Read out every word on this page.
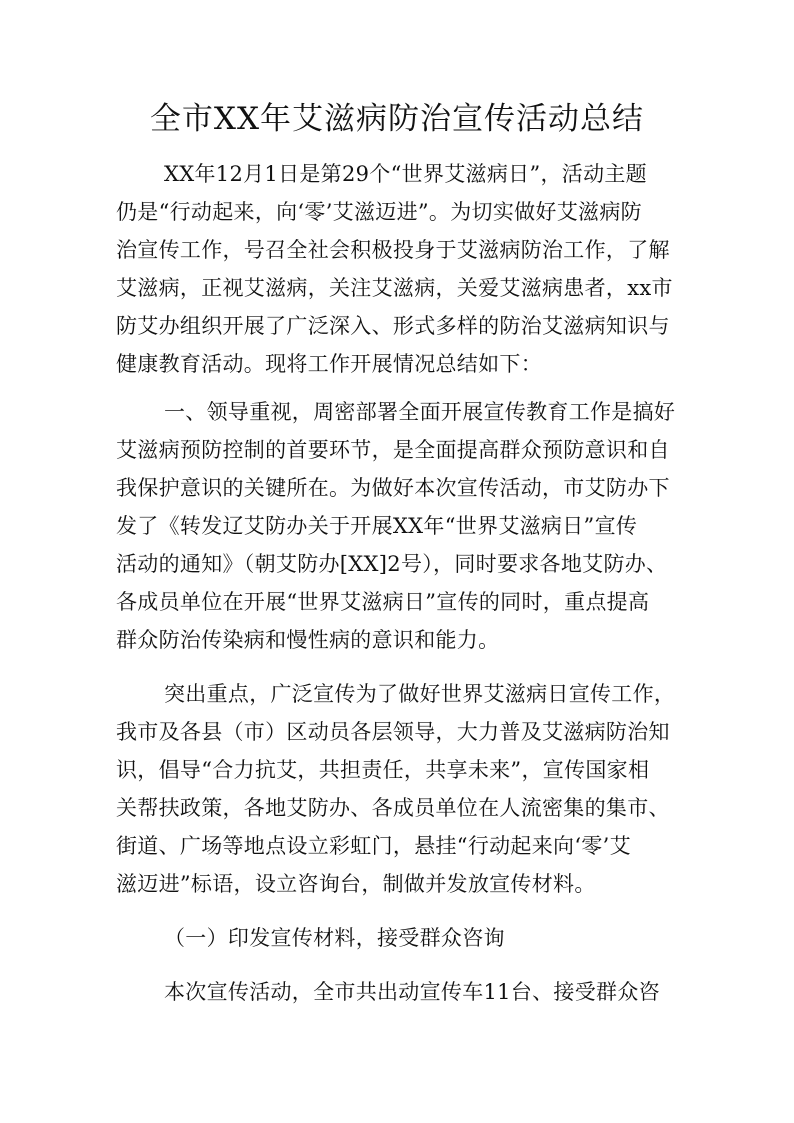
全市XX年艾滋病防治宣传活动总结
XX年12月1日是第29个“世界艾滋病日”，活动主题
仍是“行动起来，向‘零’艾滋迈进”。为切实做好艾滋病防
治宣传工作，号召全社会积极投身于艾滋病防治工作，了解
艾滋病，正视艾滋病，关注艾滋病，关爱艾滋病患者，xx市
防艾办组织开展了广泛深入、形式多样的防治艾滋病知识与
健康教育活动。现将工作开展情况总结如下：
一、领导重视，周密部署全面开展宣传教育工作是搞好
艾滋病预防控制的首要环节，是全面提高群众预防意识和自
我保护意识的关键所在。为做好本次宣传活动，市艾防办下
发了《转发辽艾防办关于开展XX年“世界艾滋病日”宣传
活动的通知》（朝艾防办[XX]2号），同时要求各地艾防办、
各成员单位在开展“世界艾滋病日”宣传的同时，重点提高
群众防治传染病和慢性病的意识和能力。
突出重点，广泛宣传为了做好世界艾滋病日宣传工作，
我市及各县（市）区动员各层领导，大力普及艾滋病防治知
识，倡导“合力抗艾，共担责任，共享未来”，宣传国家相
关帮扶政策，各地艾防办、各成员单位在人流密集的集市、
街道、广场等地点设立彩虹门，悬挂“行动起来向‘零’艾
滋迈进”标语，设立咨询台，制做并发放宣传材料。
（一）印发宣传材料，接受群众咨询
本次宣传活动，全市共出动宣传车11台、接受群众咨
